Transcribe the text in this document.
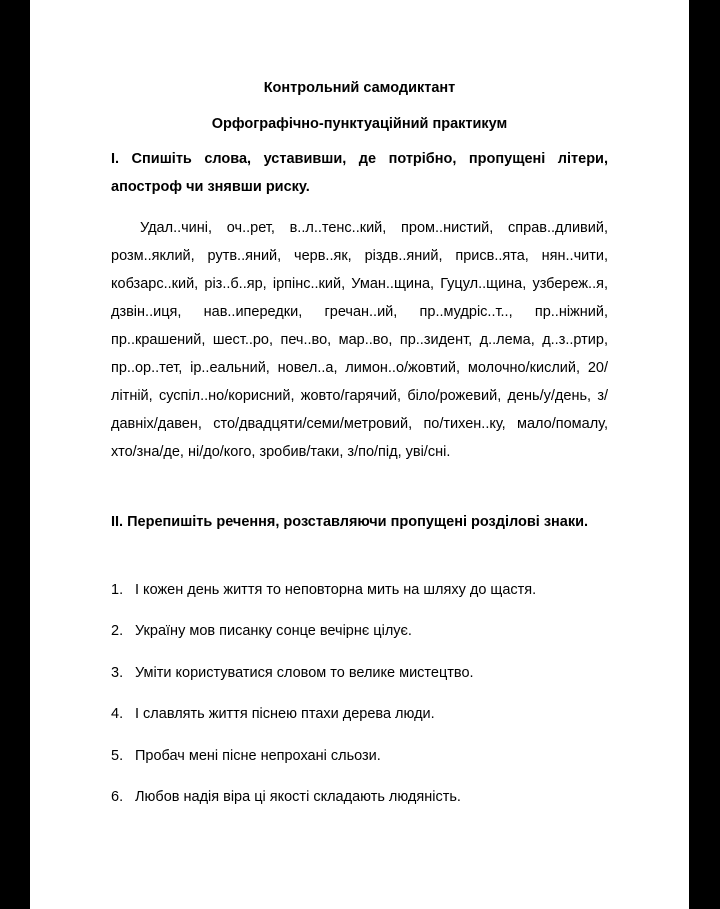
Контрольний самодиктант
Орфографічно-пунктуаційний практикум
I. Спишіть слова, уставивши, де потрібно, пропущені літери, апостроф чи знявши риску.
Удал..чині, оч..рет, в..л..тенс..кий, пром..нистий, справ..дливий, розм..яклий, рутв..яний, черв..як, різдв..яний, присв..ята, нян..чити, кобзарс..кий, різ..б..яр, ірпінс..кий, Уман..щина, Гуцул..щина, узбереж..я, дзвін..иця, нав..ипередки, гречан..ий, пр..мудріс..т.., пр..ніжний, пр..крашений, шест..ро, печ..во, мар..во, пр..зидент, д..лема, д..з..ртир, пр..ор..тет, ір..еальний, новел..а, лимон..о/жовтий, молочно/кислий, 20/літній, суспіл..но/корисний, жовто/гарячий, біло/рожевий, день/у/день, з/давніх/давен, сто/двадцяти/семи/метровий, по/тихен..ку, мало/помалу, хто/зна/де, ні/до/кого, зробив/таки, з/по/під, уві/сні.
II. Перепишіть речення, розставляючи пропущені розділові знаки.
1. І кожен день життя то неповторна мить на шляху до щастя.
2. Україну мов писанку сонце вечірнє цілує.
3. Уміти користуватися словом то велике мистецтво.
4. І славлять життя піснею птахи дерева люди.
5. Пробач мені пісне непрохані сльози.
6. Любов надія віра ці якості складають людяність.
